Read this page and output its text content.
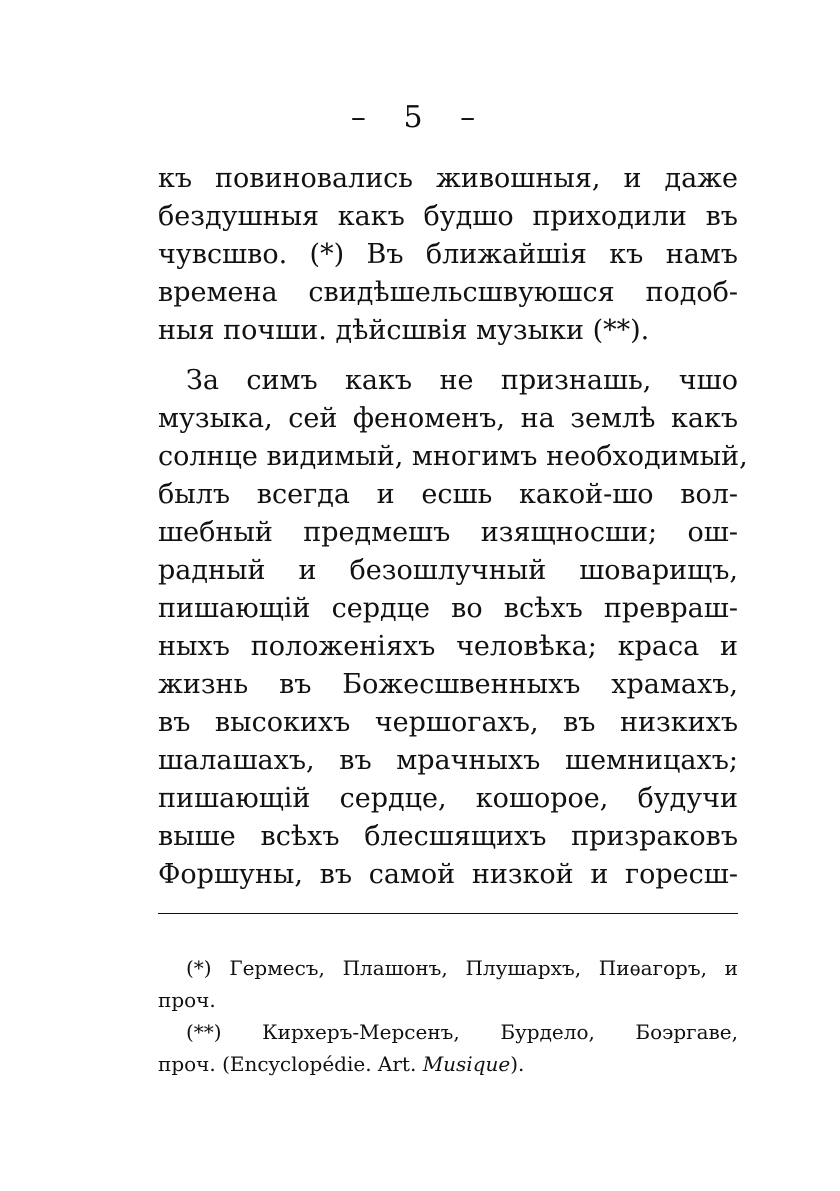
– 5 –
къ повиновались живошныя, и даже
бездушныя какъ будшо приходили въ
чувсшво. (*) Въ ближайшія къ намъ
времена свидѣшельсшвуюшся подоб-
ныя почши. дѣйсшвія музыки (**).
За симъ какъ не признашь, чшо
музыка, сей феноменъ, на землѣ какъ
солнце видимый, многимъ необходимый,
былъ всегда и есшь какой-шо вол-
шебный предмешъ изящносши; ош-
радный и безошлучный шоварищъ,
пишающій сердце во всѣхъ превраш-
ныхъ положеніяхъ человѣка; краса и
жизнь въ Божесшвенныхъ храмахъ,
въ высокихъ чершогахъ, въ низкихъ
шалашахъ, въ мрачныхъ шемницахъ;
пишающій сердце, кошорое, будучи
выше всѣхъ блесшящихъ призраковъ
Форшуны, въ самой низкой и гоpесш-
(*) Гермесъ, Плашонъ, Плушархъ, Пиѳагоръ, и
проч.
(**) Кирхеръ-Мерсенъ, Бурдело, Боэргаве,
проч. (Encyclopédie. Art. Musique).
